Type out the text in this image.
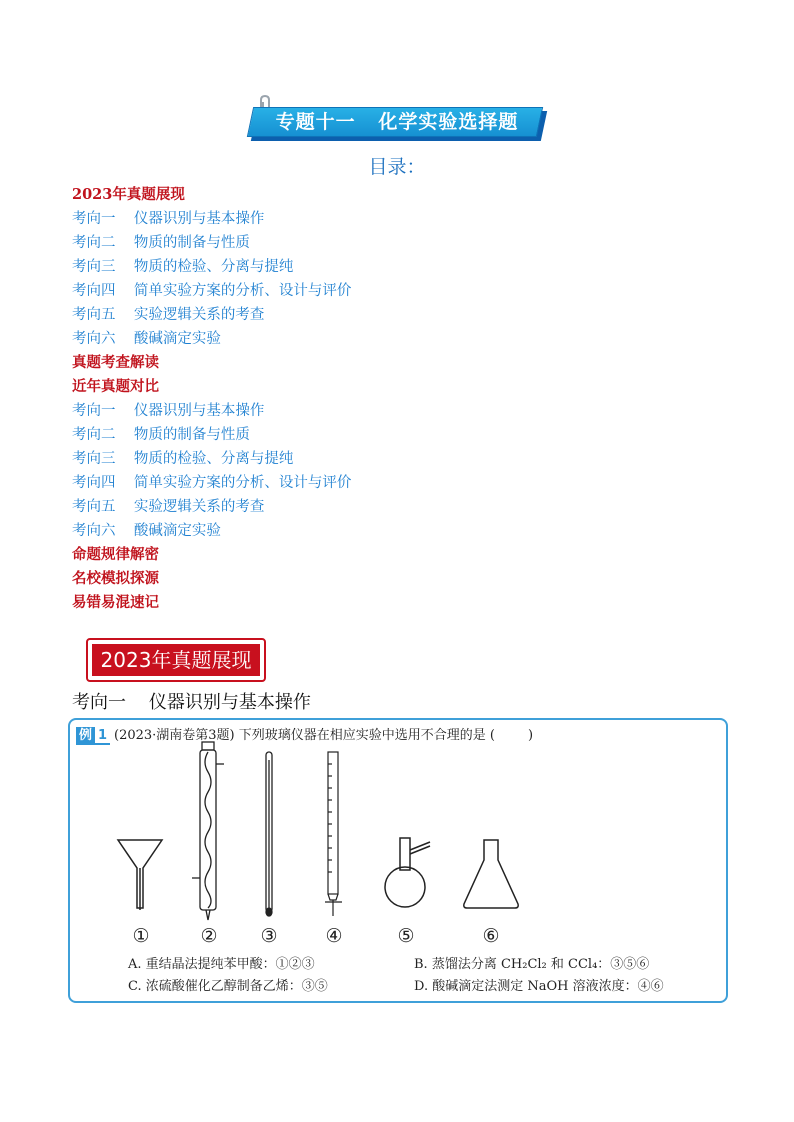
专题十一   化学实验选择题
目录：
2023年真题展现
考向一    仪器识别与基本操作
考向二    物质的制备与性质
考向三    物质的检验、分离与提纯
考向四    简单实验方案的分析、设计与评价
考向五    实验逻辑关系的考查
考向六    酸碱滴定实验
真题考查解读
近年真题对比
考向一    仪器识别与基本操作
考向二    物质的制备与性质
考向三    物质的检验、分离与提纯
考向四    简单实验方案的分析、设计与评价
考向五    实验逻辑关系的考查
考向六    酸碱滴定实验
命题规律解密
名校模拟探源
易错易混速记
2023年真题展现
考向一    仪器识别与基本操作
例 1 (2023·湖南卷第3题) 下列玻璃仪器在相应实验中选用不合理的是 (        )
①	②	③	④	⑤	⑥
A. 重结晶法提纯苯甲酸：①②③	B. 蒸馏法分离 CH₂Cl₂ 和 CCl₄：③⑤⑥
C. 浓硫酸催化乙醇制备乙烯：③⑤	D. 酸碱滴定法测定 NaOH 溶液浓度：④⑥
